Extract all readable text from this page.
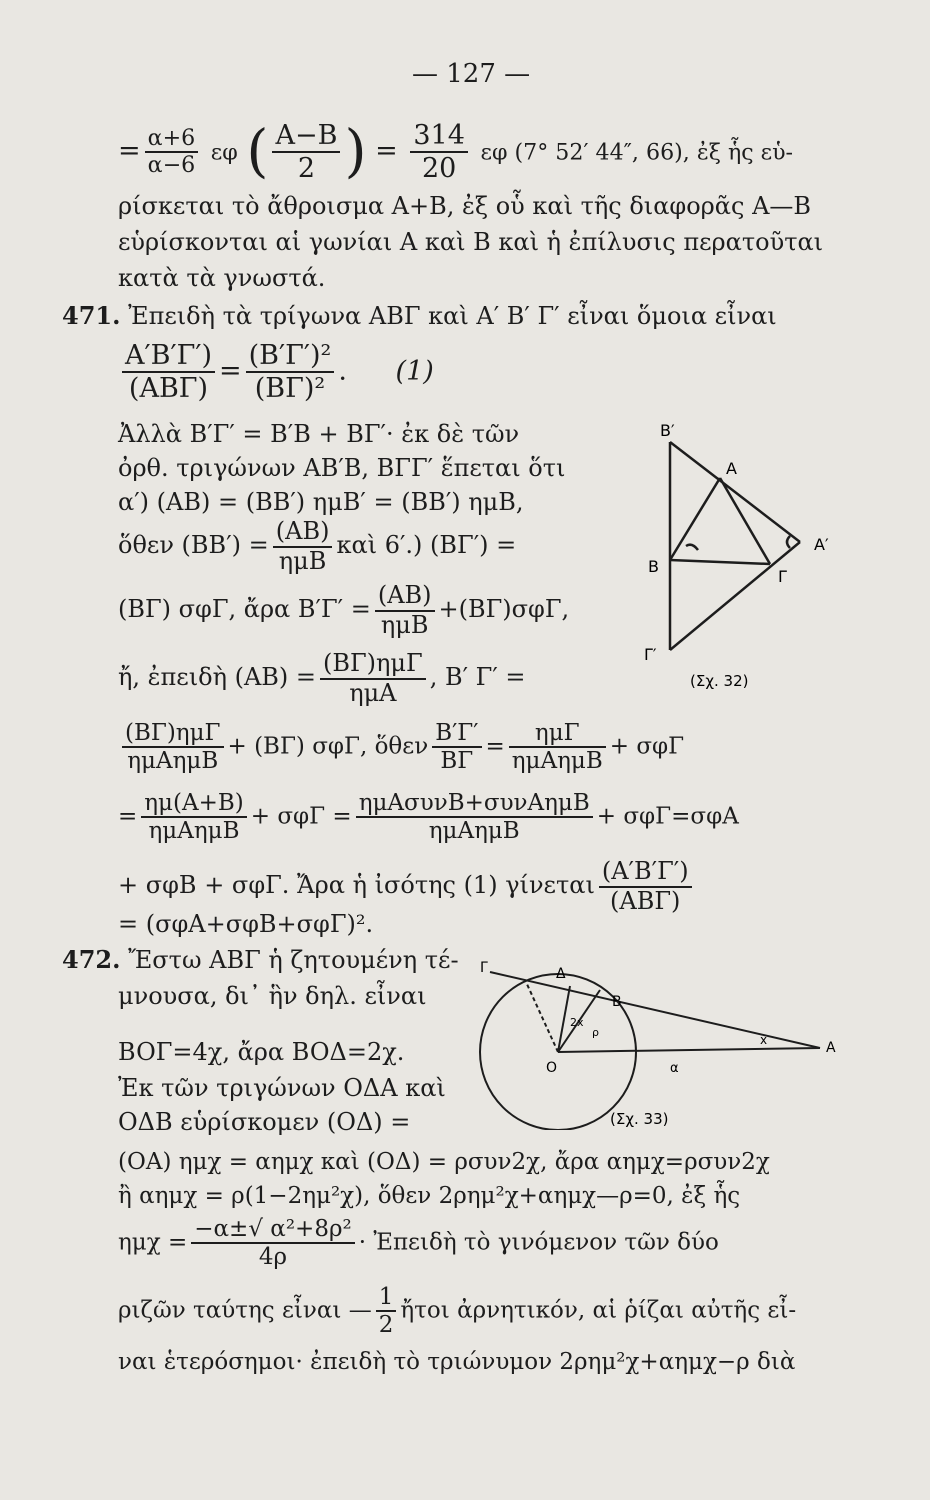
— 127 —
= $\frac{\alpha+6}{\alpha-6}$ εφ ( $\frac{A-B}{2}$ ) = $\frac{314}{20}$ εφ (7° 52′ 44″, 66), ἐξ ἧς εὑ-
ρίσκεται τὸ ἄθροισμα A+B, ἐξ οὗ καὶ τῆς διαφορᾶς A—B
εὑρίσκονται αἱ γωνίαι A καὶ B καὶ ἡ ἐπίλυσις περατοῦται
κατὰ τὰ γνωστά.
471. Ἐπειδὴ τὰ τρίγωνα ΑΒΓ καὶ Α′ Β′ Γ′ εἶναι ὅμοια εἶναι
A′B′Γ′)
(ΑΒΓ)
= $\frac{\text{(B′Γ′)²}}{\text{(ΒΓ)²}}$ . (1)
Ἀλλὰ B′Γ′ = B′B + ΒΓ′· ἐκ δὲ τῶν
ὀρθ. τριγώνων AB′B, ΒΓΓ′ ἕπεται ὅτι
α′) (AB) = (BB′) ημB′ = (BB′) ημB,
ὅθεν (BB′) =
(AB)
ημB
καὶ 6′.) (BΓ′) =
(ΒΓ) σφΓ, ἄρα B′Γ′ =
(AB)
ημB
+(ΒΓ)σφΓ,
ἤ, ἐπειδὴ (AB) =
(ΒΓ)ημΓ
ημA
, B′ Γ′ =
(ΒΓ)ημΓ
ημAημB
+ (ΒΓ) σφΓ, ὅθεν $\frac{B'\Gamma'}{B\Gamma}$ =
ημΓ
ημAημB
+ σφΓ
=
ημ(A+B)
ημAημB
+ σφΓ =
ημAσυνB+συνAημB
ημAημB
+ σφΓ=σφA
+ σφB + σφΓ. Ἄρα ἡ ἰσότης (1) γίνεται
(A′B′Γ′)
(ΑΒΓ)
= (σφA+σφB+σφΓ)².
472. Ἔστω ΑΒΓ ἡ ζητουμένη τέ-
μνουσα, δι᾿ ἣν δηλ. εἶναι
BOΓ=4χ, ἄρα BOΔ=2χ.
Ἐκ τῶν τριγώνων OΔA καὶ
OΔB εὑρίσκομεν (OΔ) =
(OA) ημχ = αημχ καὶ (OΔ) = ρσυν2χ, ἄρα αημχ=ρσυν2χ
ἢ αημχ = ρ(1−2ημ²χ), ὅθεν 2ρημ²χ+αημχ—ρ=0, ἐξ ἧς
$\eta\mu\chi = \frac{\text{−α±√ α²+8ρ²}}{4\rho}$ · Ἐπειδὴ τὸ γινόμενον τῶν δύο
ριζῶν ταύτης εἶναι — $\frac{1}{2}$ ἤτοι ἀρνητικόν, αἱ ῥίζαι αὐτῆς εἶ-
ναι ἑτερόσημοι· ἐπειδὴ τὸ τριώνυμον 2ρημ²χ+αημχ−ρ διὰ
B′
A
A′
B
Γ
Γ′
(Σχ. 32)
Γ	Δ
B
O
A
α
x
2x
ρ
(Σχ. 33)
